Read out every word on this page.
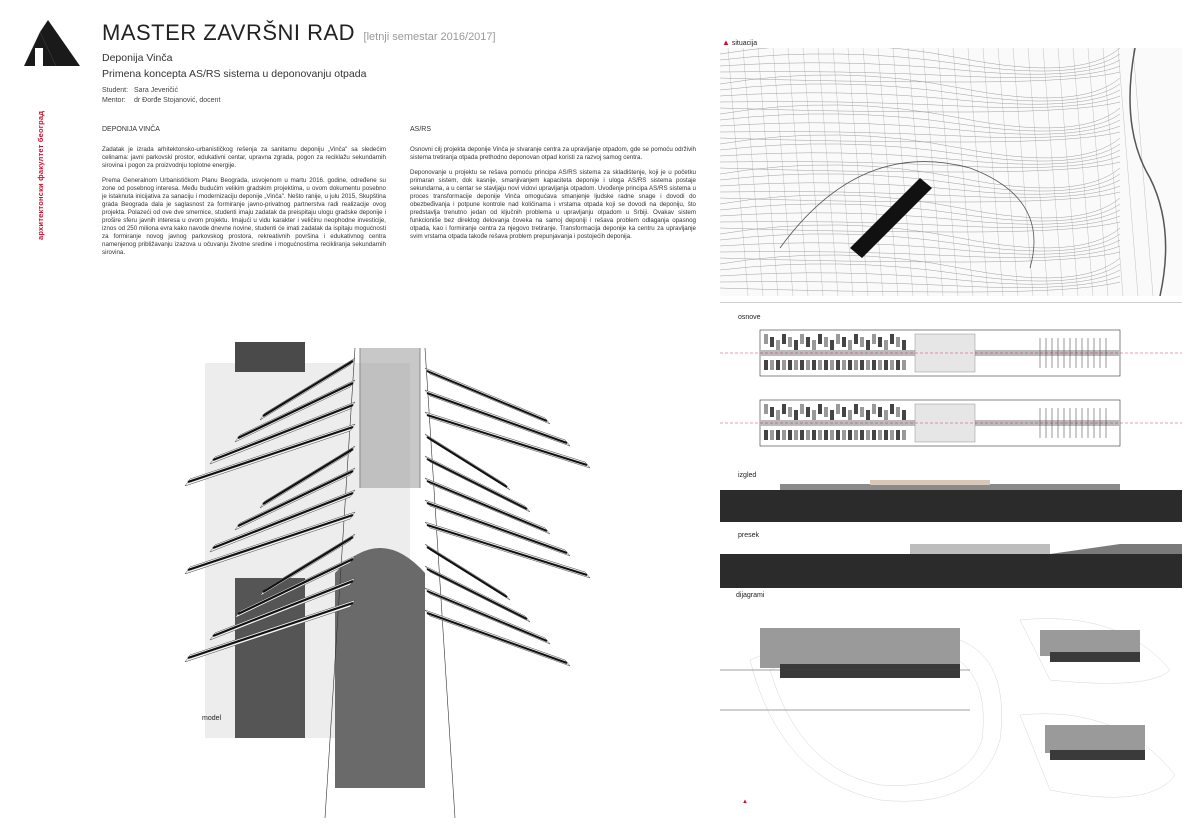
архитектонски факултет београд
MASTER ZAVRŠNI RAD [letnji semestar 2016/2017]
Deponija Vinča
Primena koncepta AS/RS sistema u deponovanju otpada
Student: Sara Jeveričić
Mentor: dr Đorđe Stojanović, docent
DEPONIJA VINČA

Zadatak je izrada arhitektonsko-urbanističkog rešenja za sanitarnu deponiju „Vinča" sa sledećim celinama: javni parkovski prostor, edukativni centar, upravna zgrada, pogon za reciklažu sekundarnih sirovina i pogon za proizvodnju toplotne energije.

Prema Generalnom Urbanističkom Planu Beograda, usvojenom u martu 2016. godine, određene su zone od posebnog interesa. Među budućim velikim gradskim projektima, u ovom dokumentu posebno je istaknuta inicijativa za sanaciju i modernizaciju deponije „Vinča". Nešto ranije, u julu 2015, Skupština grada Beograda dala je saglasnost za formiranje javno-privatnog partnerstva radi realizacije ovog projekta. Polazeći od ove dve smernice, studenti imaju zadatak da preispitaju ulogu gradske deponije i prošire sferu javnih interesa u ovom projektu. Imajući u vidu karakter i veličinu neophodne investicije, iznos od 250 miliona evra kako navode dnevne novine, studenti će imati zadatak da ispitaju mogućnosti za formiranje novog javnog parkovskog prostora, rekreativnih površina i edukativnog centra namenjenog približavanju izazova u očuvanju životne sredine i mogućnostima recikliranja sekundarnih sirovina.

AS/RS

Osnovni cilj projekta deponije Vinča je stvaranje centra za upravljanje otpadom, gde se pomoću održivih sistema tretiranja otpada prethodno deponovan otpad koristi za razvoj samog centra.

Deponovanje u projektu se rešava pomoću principa AS/RS sistema za skladištenje, koji je u početku primaran sistem, dok kasnije, smanjivanjem kapaciteta deponije i uloga AS/RS sistema postaje sekundarna, a u centar se stavljaju novi vidovi upravljanja otpadom. Uvođenje principa AS/RS sistema u proces transformacije deponije Vinča omogućava smanjenje ljudske radne snage i dovodi do obezbeđivanja i potpune kontrole nad količinama i vrstama otpada koji se dovodi na deponiju, što predstavlja trenutno jedan od ključnih problema u upravljanju otpadom u Srbiji. Ovakav sistem funkcioniše bez direktog delovanja čoveka na samoj deponiji i rešava problem odlaganja opasnog otpada, kao i formiranje centra za njegovo tretiranje. Transformacija deponije ka centru za upravljanje svim vrstama otpada takođe rešava problem prepunjavanja i postojećih deponija.

model
▲ situacija
osnove
izgled
presek
dijagrami
▲
